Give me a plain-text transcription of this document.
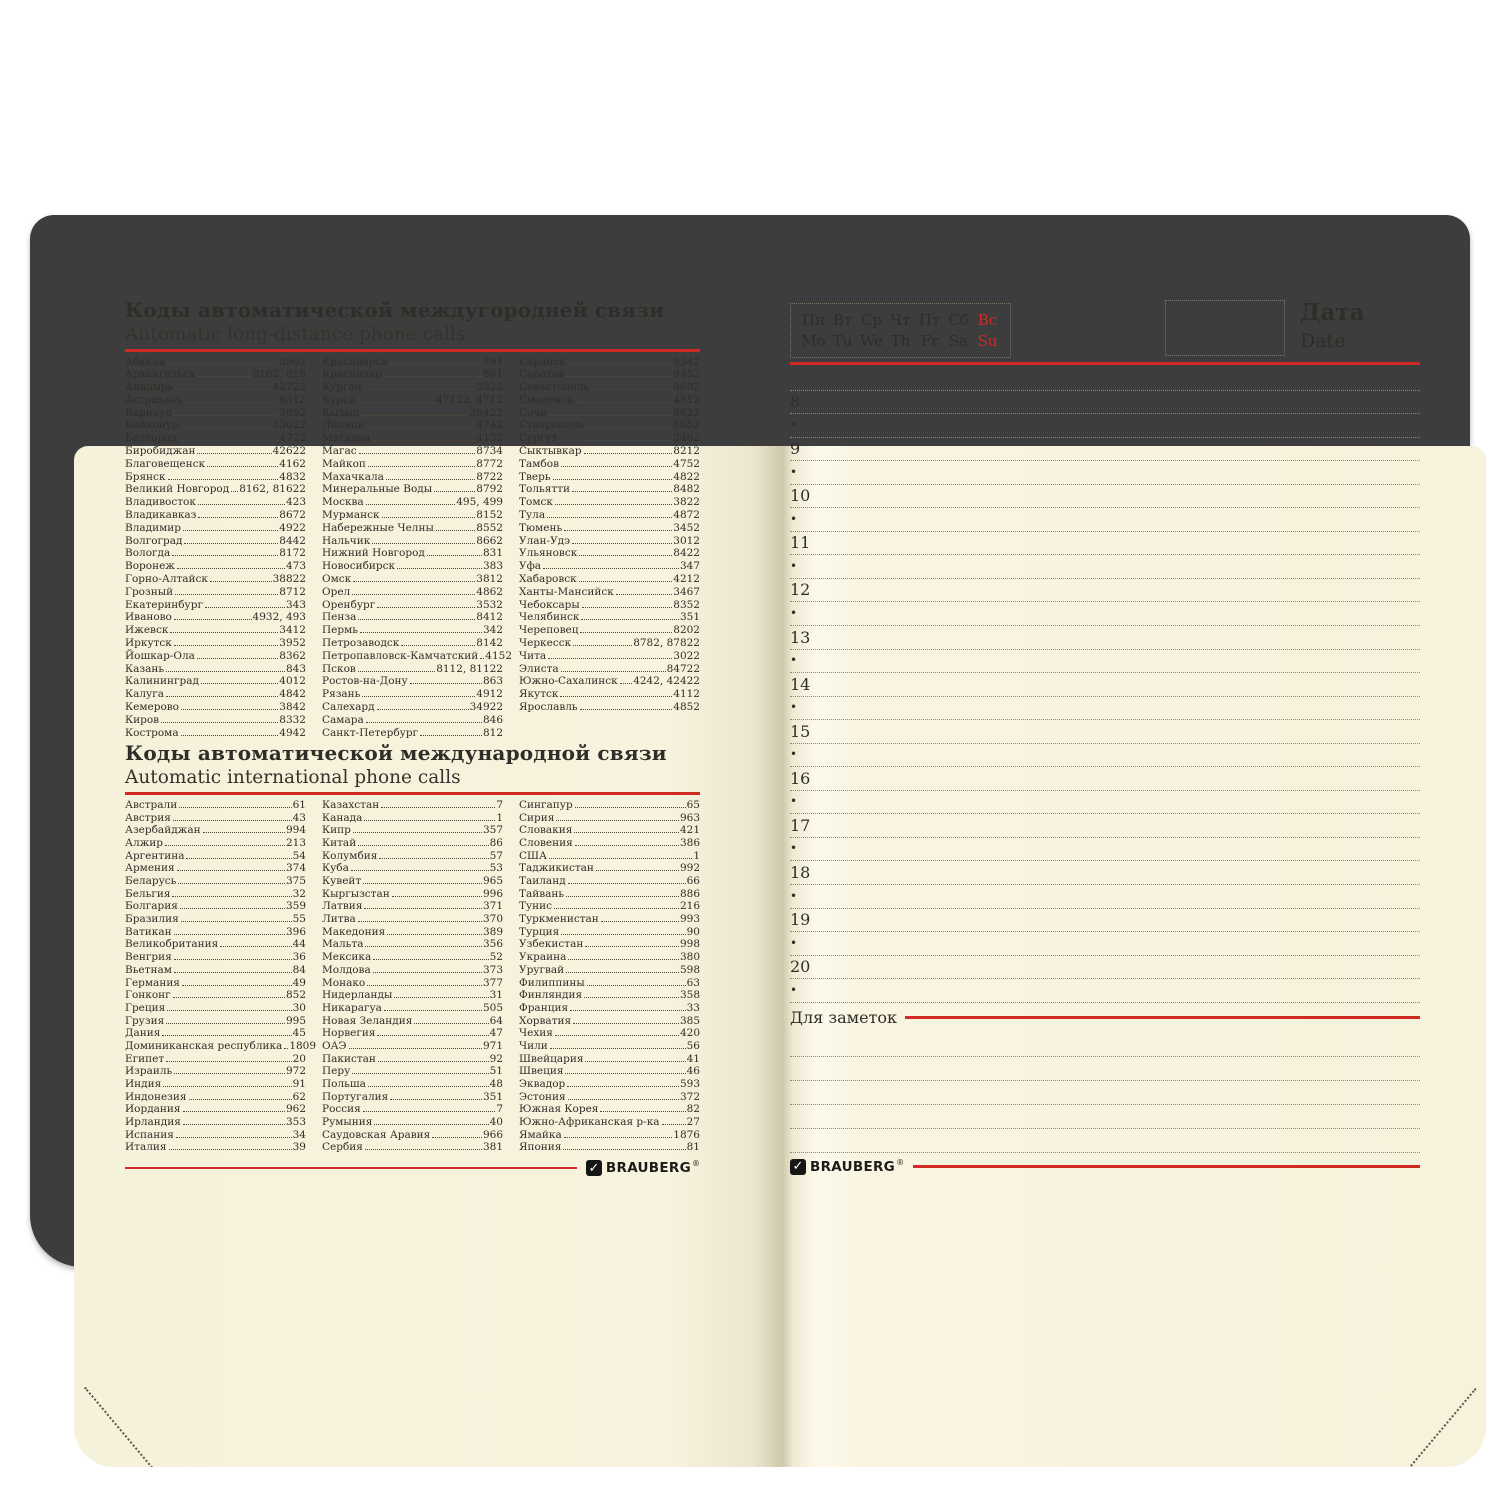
Коды автоматической междугородней связи
Automatic long-distance phone calls
Абакан	3902
Архангельск	8182, 818
Анадырь	42722
Астрахань	8512
Барнаул	3852
Байконур	33622
Белгород	4722
Биробиджан	42622
Благовещенск	4162
Брянск	4832
Великий Новгород 8162, 81622
Владивосток	423
Владикавказ	8672
Владимир	4922
Волгоград	8442
Вологда	8172
Воронеж	473
Горно-Алтайск	38822
Грозный	8712
Екатеринбург	343
Иваново	4932, 493
Ижевск	3412
Иркутск	3952
Йошкар-Ола	8362
Казань	843
Калининград	4012
Калуга	4842
Кемерово	3842
Киров	8332
Кострома	4942
Красноярск	391
Краснодар	861
Курган	3522
Курск	47122, 4712
Кызыл	39422
Липецк	4742
Магадан	4132
Магас	8734
Майкоп	8772
Махачкала	8722
Минеральные Воды	8792
Москва	495, 499
Мурманск	8152
Набережные Челны	8552
Нальчик	8662
Нижний Новгород	831
Новосибирск	383
Омск	3812
Орел	4862
Оренбург	3532
Пенза	8412
Пермь	342
Петрозаводск	8142
Петропавловск-Камчатский 4152
Псков	8112, 81122
Ростов-на-Дону	863
Рязань	4912
Салехард	34922
Самара	846
Санкт-Петербург	812
Саранск	8342
Саратов	8452
Севастополь	8692
Смоленск	4812
Сочи	8622
Ставрополь	8652
Сургут	3462
Сыктывкар	8212
Тамбов	4752
Тверь	4822
Тольятти	8482
Томск	3822
Тула	4872
Тюмень	3452
Улан-Удэ	3012
Ульяновск	8422
Уфа	347
Хабаровск	4212
Ханты-Мансийск	3467
Чебоксары	8352
Челябинск	351
Череповец	8202
Черкесск	8782, 87822
Чита	3022
Элиста	84722
Южно-Сахалинск 4242, 42422
Якутск	4112
Ярославль	4852
Коды автоматической международной связи
Automatic international phone calls
Австрали	61
Австрия	43
Азербайджан	994
Алжир	213
Аргентина	54
Армения	374
Беларусь	375
Бельгия	32
Болгария	359
Бразилия	55
Ватикан	396
Великобритания	44
Венгрия	36
Вьетнам	84
Германия	49
Гонконг	852
Греция	30
Грузия	995
Дания	45
Доминиканская республика 1809
Египет	20
Израиль	972
Индия	91
Индонезия	62
Иордания	962
Ирландия	353
Испания	34
Италия	39
Казахстан	7
Канада	1
Кипр	357
Китай	86
Колумбия	57
Куба	53
Кувейт	965
Кыргызстан	996
Латвия	371
Литва	370
Македония	389
Мальта	356
Мексика	52
Молдова	373
Монако	377
Нидерланды	31
Никарагуа	505
Новая Зеландия	64
Норвегия	47
ОАЭ	971
Пакистан	92
Перу	51
Польша	48
Португалия	351
Россия	7
Румыния	40
Саудовская Аравия	966
Сербия	381
Сингапур	65
Сирия	963
Словакия	421
Словения	386
США	1
Таджикистан	992
Таиланд	66
Тайвань	886
Тунис	216
Туркменистан	993
Турция	90
Узбекистан	998
Украина	380
Уругвай	598
Филиппины	63
Финляндия	358
Франция	33
Хорватия	385
Чехия	420
Чили	56
Швейцария	41
Швеция	46
Эквадор	593
Эстония	372
Южная Корея	82
Южно-Африканская р-ка	27
Ямайка	1876
Япония	81
✓ BRAUBERG®
Пн Вт Ср Чт Пт Сб Вс
Mo Tu We Th Fr Sa Su
Дата
Date
8
•
9
•
10
•
11
•
12
•
13
•
14
•
15
•
16
•
17
•
18
•
19
•
20
•
Для заметок
✓ BRAUBERG®
